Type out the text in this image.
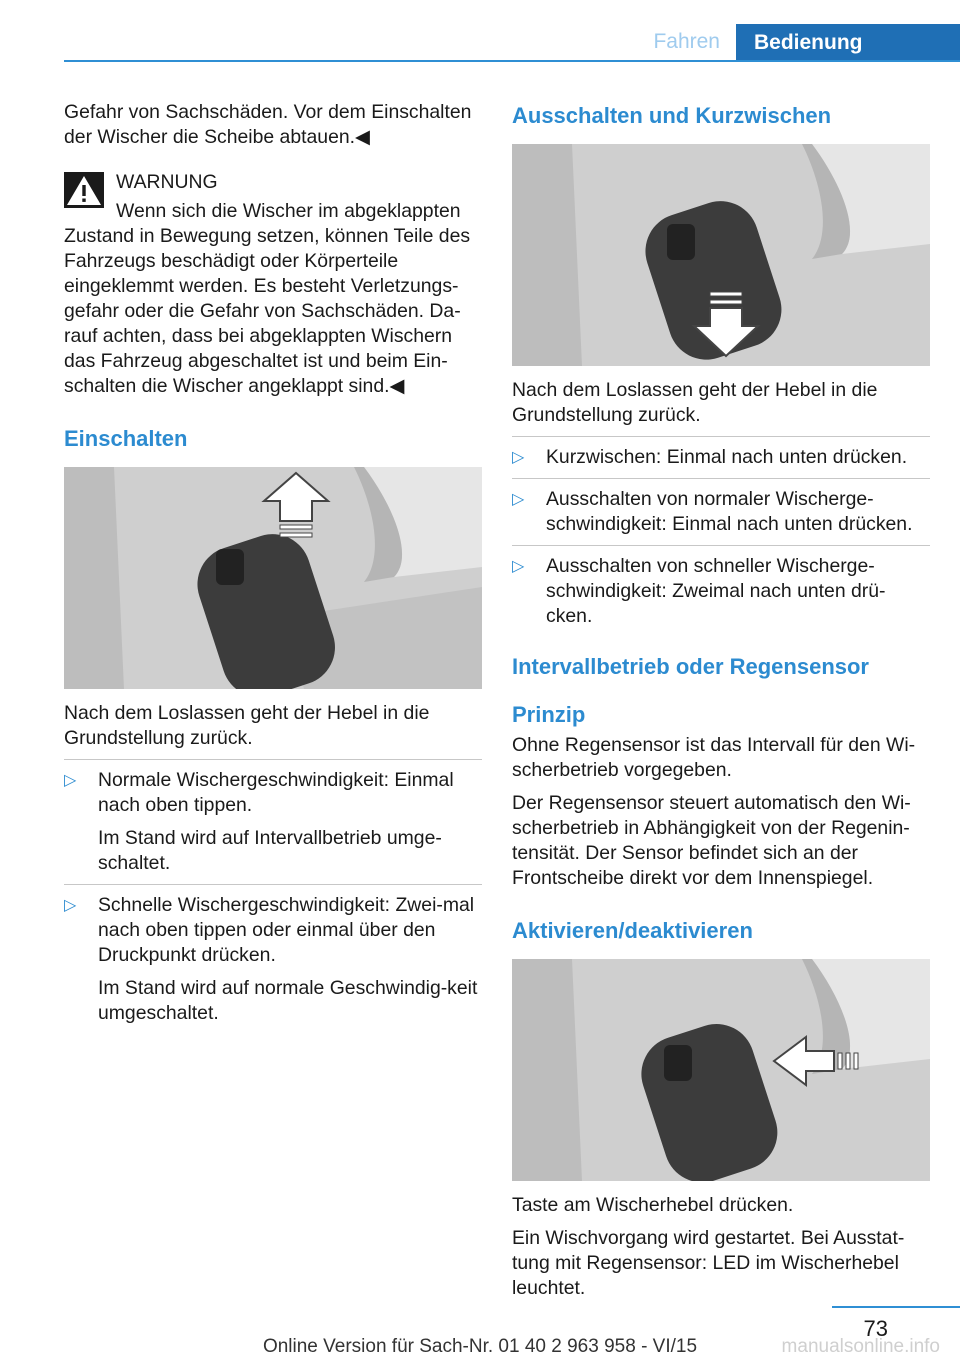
Fahren	Bedienung

Gefahr von Sachschäden. Vor dem Einschalten der Wischer die Scheibe abtauen.◀

WARNUNG
Wenn sich die Wischer im abgeklappten Zustand in Bewegung setzen, können Teile des Fahrzeugs beschädigt oder Körperteile eingeklemmt werden. Es besteht Verletzungs-gefahr oder die Gefahr von Sachschäden. Da-rauf achten, dass bei abgeklappten Wischern das Fahrzeug abgeschaltet ist und beim Ein-schalten die Wischer angeklappt sind.◀
Einschalten

Nach dem Loslassen geht der Hebel in die Grundstellung zurück.

▷ Normale Wischergeschwindigkeit: Einmal nach oben tippen.

Im Stand wird auf Intervallbetrieb umge-schaltet.

▷ Schnelle Wischergeschwindigkeit: Zwei-mal nach oben tippen oder einmal über den Druckpunkt drücken.

Im Stand wird auf normale Geschwindig-keit umgeschaltet.

Ausschalten und Kurzwischen

Nach dem Loslassen geht der Hebel in die Grundstellung zurück.

▷ Kurzwischen: Einmal nach unten drücken.

▷ Ausschalten von normaler Wischerge-schwindigkeit: Einmal nach unten drücken.

▷ Ausschalten von schneller Wischerge-schwindigkeit: Zweimal nach unten drü-cken.

Intervallbetrieb oder Regensensor
Prinzip

Ohne Regensensor ist das Intervall für den Wi-scherbetrieb vorgegeben.

Der Regensensor steuert automatisch den Wi-scherbetrieb in Abhängigkeit von der Regenin-tensität. Der Sensor befindet sich an der Frontscheibe direkt vor dem Innenspiegel.

Aktivieren/deaktivieren

Taste am Wischerhebel drücken.

Ein Wischvorgang wird gestartet. Bei Ausstat-tung mit Regensensor: LED im Wischerhebel leuchtet.

73
Online Version für Sach-Nr. 01 40 2 963 958 - VI/15	manualsonline.info
